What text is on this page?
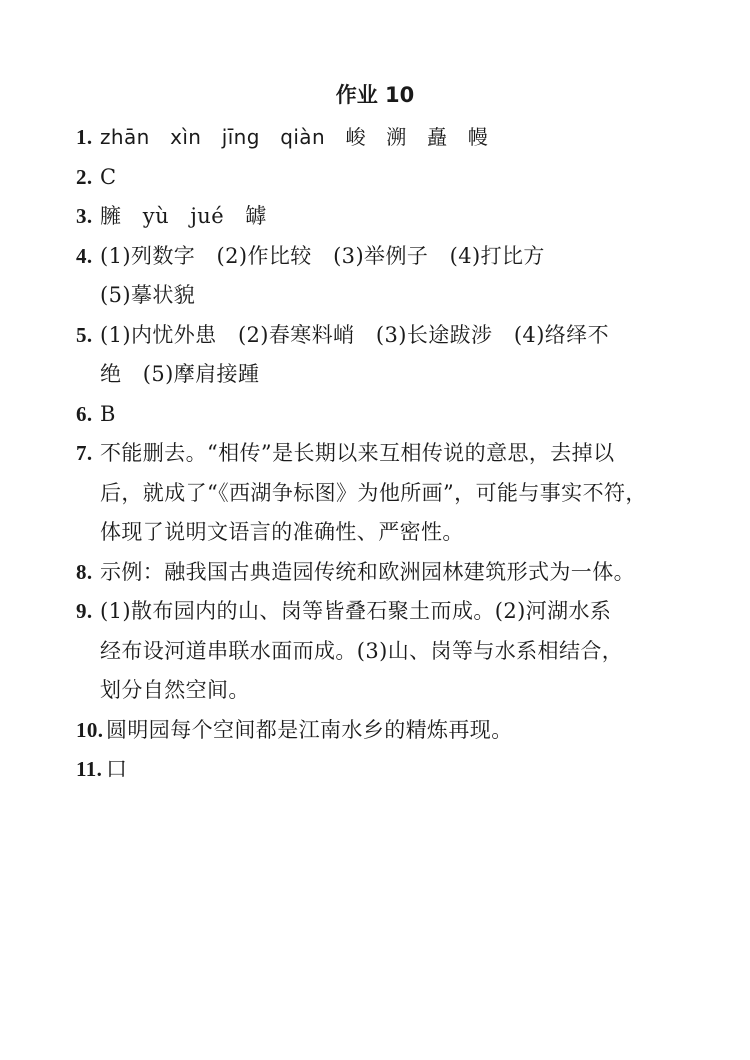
作业 10
1. zhān　xìn　jīng　qiàn　峻　溯　矗　幔
2. C
3. 臃　yù　jué　罅
4. (1)列数字　(2)作比较　(3)举例子　(4)打比方
(5)摹状貌
5. (1)内忧外患　(2)春寒料峭　(3)长途跋涉　(4)络绎不
绝　(5)摩肩接踵
6. B
7. 不能删去。“相传”是长期以来互相传说的意思，去掉以
后，就成了“《西湖争标图》为他所画”，可能与事实不符，
体现了说明文语言的准确性、严密性。
8. 示例：融我国古典造园传统和欧洲园林建筑形式为一体。
9. (1)散布园内的山、岗等皆叠石聚土而成。(2)河湖水系
经布设河道串联水面而成。(3)山、岗等与水系相结合，
划分自然空间。
10. 圆明园每个空间都是江南水乡的精炼再现。
11. 口
